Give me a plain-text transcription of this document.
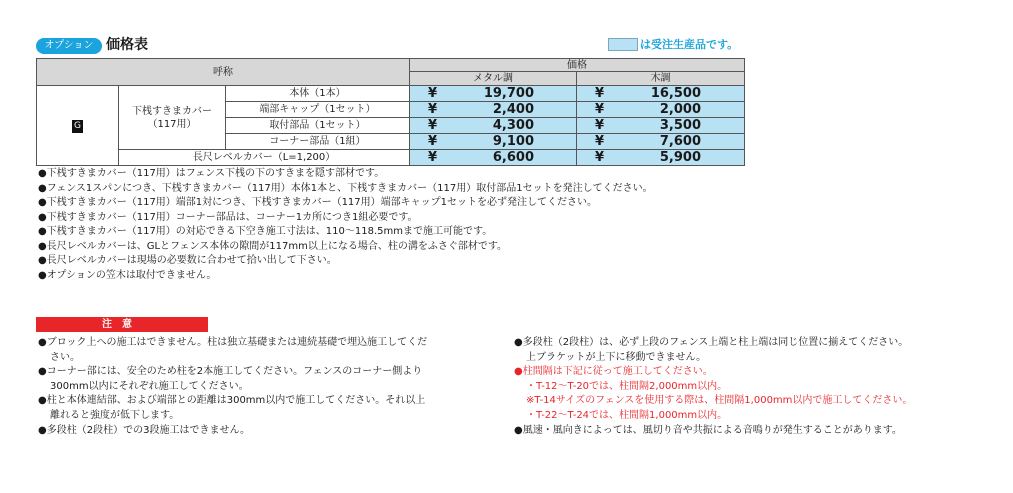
オプション 価格表	は受注生産品です。
呼称			価格	
			メタル調	木調
G	下桟すきまカバー（117用）	本体（1本）	¥ 19,700	¥ 16,500
		端部キャップ（1セット）	¥ 2,400	¥ 2,000
		取付部品（1セット）	¥ 4,300	¥ 3,500
		コーナー部品（1組）	¥ 9,100	¥ 7,600
	長尺レベルカバー（L=1,200）		¥ 6,600	¥ 5,900
●下桟すきまカバー（117用）はフェンス下桟の下のすきまを隠す部材です。
●フェンス1スパンにつき、下桟すきまカバー（117用）本体1本と、下桟すきまカバー（117用）取付部品1セットを発注してください。
●下桟すきまカバー（117用）端部1対につき、下桟すきまカバー（117用）端部キャップ1セットを必ず発注してください。
●下桟すきまカバー（117用）コーナー部品は、コーナー1カ所につき1組必要です。
●下桟すきまカバー（117用）の対応できる下空き施工寸法は、110〜118.5mmまで施工可能です。
●長尺レベルカバーは、GLとフェンス本体の隙間が117mm以上になる場合、柱の溝をふさぐ部材です。
●長尺レベルカバーは現場の必要数に合わせて拾い出して下さい。
●オプションの笠木は取付できません。
注意
●ブロック上への施工はできません。柱は独立基礎または連続基礎で埋込施工してくだ
さい。
●コーナー部には、安全のため柱を2本施工してください。フェンスのコーナー側より
300mm以内にそれぞれ施工してください。
●柱と本体連結部、および端部との距離は300mm以内で施工してください。それ以上
離れると強度が低下します。
●多段柱（2段柱）での3段施工はできません。
●多段柱（2段柱）は、必ず上段のフェンス上端と柱上端は同じ位置に揃えてください。
上ブラケットが上下に移動できません。
●柱間隔は下記に従って施工してください。
・T-12〜T-20では、柱間隔2,000mm以内。
※T-14サイズのフェンスを使用する際は、柱間隔1,000mm以内で施工してください。
・T-22〜T-24では、柱間隔1,000mm以内。
●風速・風向きによっては、風切り音や共振による音鳴りが発生することがあります。
